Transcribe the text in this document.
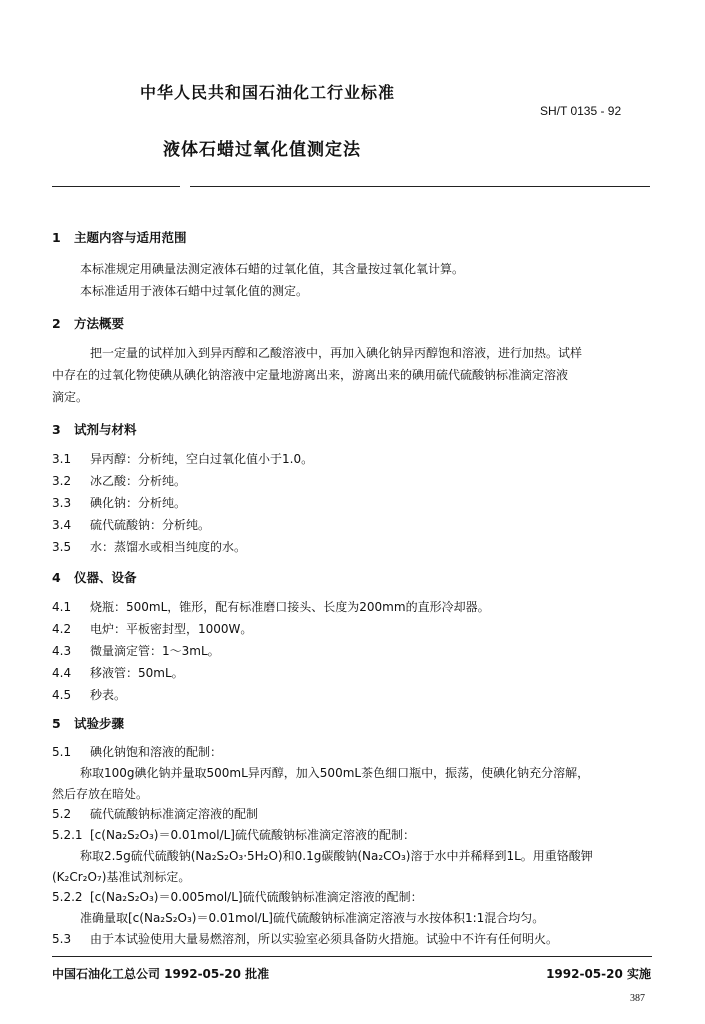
中华人民共和国石油化工行业标准
SH/T 0135 - 92
液体石蜡过氧化值测定法
1 主题内容与适用范围
本标准规定用碘量法测定液体石蜡的过氧化值，其含量按过氧化氧计算。
本标准适用于液体石蜡中过氧化值的测定。
2 方法概要
把一定量的试样加入到异丙醇和乙酸溶液中，再加入碘化钠异丙醇饱和溶液，进行加热。试样
中存在的过氧化物使碘从碘化钠溶液中定量地游离出来，游离出来的碘用硫代硫酸钠标准滴定溶液
滴定。
3 试剂与材料
3.1 异丙醇：分析纯，空白过氧化值小于1.0。
3.2 冰乙酸：分析纯。
3.3 碘化钠：分析纯。
3.4 硫代硫酸钠：分析纯。
3.5 水：蒸馏水或相当纯度的水。
4 仪器、设备
4.1 烧瓶：500mL，锥形，配有标准磨口接头、长度为200mm的直形冷却器。
4.2 电炉：平板密封型，1000W。
4.3 微量滴定管：1～3mL。
4.4 移液管：50mL。
4.5 秒表。
5 试验步骤
5.1 碘化钠饱和溶液的配制：
称取100g碘化钠并量取500mL异丙醇，加入500mL茶色细口瓶中，振荡，使碘化钠充分溶解，
然后存放在暗处。
5.2 硫代硫酸钠标准滴定溶液的配制
5.2.1 [c(Na₂S₂O₃)＝0.01mol/L]硫代硫酸钠标准滴定溶液的配制：
称取2.5g硫代硫酸钠(Na₂S₂O₃·5H₂O)和0.1g碳酸钠(Na₂CO₃)溶于水中并稀释到1L。用重铬酸钾
(K₂Cr₂O₇)基准试剂标定。
5.2.2 [c(Na₂S₂O₃)＝0.005mol/L]硫代硫酸钠标准滴定溶液的配制：
准确量取[c(Na₂S₂O₃)＝0.01mol/L]硫代硫酸钠标准滴定溶液与水按体积1:1混合均匀。
5.3 由于本试验使用大量易燃溶剂，所以实验室必须具备防火措施。试验中不许有任何明火。
中国石油化工总公司 1992-05-20 批准	1992-05-20 实施
387
